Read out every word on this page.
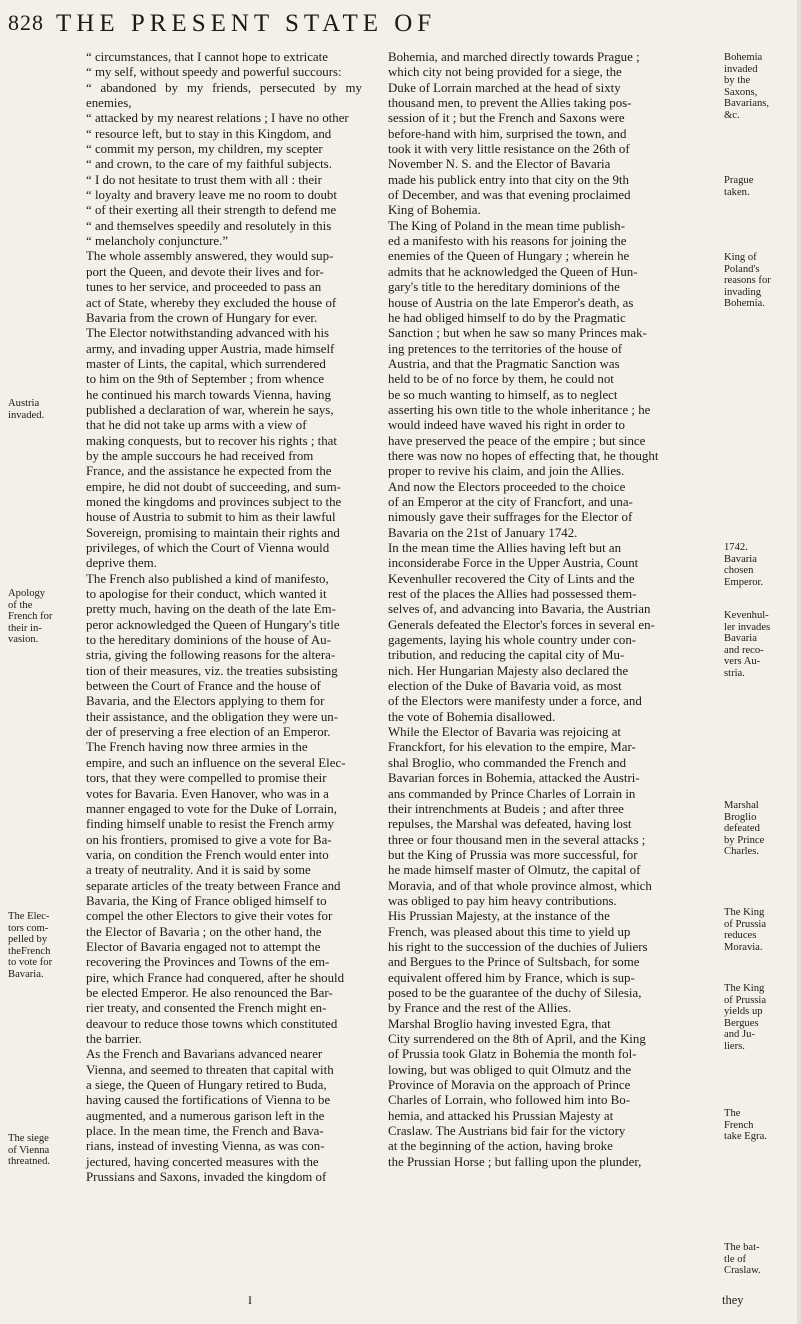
828 THE PRESENT STATE OF
“ circumstances, that I cannot hope to extricate
“ my self, without speedy and powerful succours:
“ abandoned by my friends, persecuted by my enemies,
“ attacked by my nearest relations ; I have no other
“ resource left, but to stay in this Kingdom, and
“ commit my person, my children, my scepter
“ and crown, to the care of my faithful subjects.
“ I do not hesitate to trust them with all : their
“ loyalty and bravery leave me no room to doubt
“ of their exerting all their strength to defend me
“ and themselves speedily and resolutely in this
“ melancholy conjuncture.”
The whole assembly answered, they would sup-
port the Queen, and devote their lives and for-
tunes to her service, and proceeded to pass an
act of State, whereby they excluded the house of
Bavaria from the crown of Hungary for ever.
The Elector notwithstanding advanced with his
army, and invading upper Austria, made himself
master of Lints, the capital, which surrendered
to him on the 9th of September ; from whence
he continued his march towards Vienna, having
published a declaration of war, wherein he says,
that he did not take up arms with a view of
making conquests, but to recover his rights ; that
by the ample succours he had received from
France, and the assistance he expected from the
empire, he did not doubt of succeeding, and sum-
moned the kingdoms and provinces subject to the
house of Austria to submit to him as their lawful
Sovereign, promising to maintain their rights and
privileges, of which the Court of Vienna would
deprive them.
The French also published a kind of manifesto,
to apologise for their conduct, which wanted it
pretty much, having on the death of the late Em-
peror acknowledged the Queen of Hungary's title
to the hereditary dominions of the house of Au-
stria, giving the following reasons for the altera-
tion of their measures, viz. the treaties subsisting
between the Court of France and the house of
Bavaria, and the Electors applying to them for
their assistance, and the obligation they were un-
der of preserving a free election of an Emperor.
The French having now three armies in the
empire, and such an influence on the several Elec-
tors, that they were compelled to promise their
votes for Bavaria. Even Hanover, who was in a
manner engaged to vote for the Duke of Lorrain,
finding himself unable to resist the French army
on his frontiers, promised to give a vote for Ba-
varia, on condition the French would enter into
a treaty of neutrality. And it is said by some
separate articles of the treaty between France and
Bavaria, the King of France obliged himself to
compel the other Electors to give their votes for
the Elector of Bavaria ; on the other hand, the
Elector of Bavaria engaged not to attempt the
recovering the Provinces and Towns of the em-
pire, which France had conquered, after he should
be elected Emperor. He also renounced the Bar-
rier treaty, and consented the French might en-
deavour to reduce those towns which constituted
the barrier.
As the French and Bavarians advanced nearer
Vienna, and seemed to threaten that capital with
a siege, the Queen of Hungary retired to Buda,
having caused the fortifications of Vienna to be
augmented, and a numerous garison left in the
place. In the mean time, the French and Bava-
rians, instead of investing Vienna, as was con-
jectured, having concerted measures with the
Prussians and Saxons, invaded the kingdom of
Bohemia, and marched directly towards Prague ;
which city not being provided for a siege, the
Duke of Lorrain marched at the head of sixty
thousand men, to prevent the Allies taking pos-
session of it ; but the French and Saxons were
before-hand with him, surprised the town, and
took it with very little resistance on the 26th of
November N. S. and the Elector of Bavaria
made his publick entry into that city on the 9th
of December, and was that evening proclaimed
King of Bohemia.
The King of Poland in the mean time publish-
ed a manifesto with his reasons for joining the
enemies of the Queen of Hungary ; wherein he
admits that he acknowledged the Queen of Hun-
gary's title to the hereditary dominions of the
house of Austria on the late Emperor's death, as
he had obliged himself to do by the Pragmatic
Sanction ; but when he saw so many Princes mak-
ing pretences to the territories of the house of
Austria, and that the Pragmatic Sanction was
held to be of no force by them, he could not
be so much wanting to himself, as to neglect
asserting his own title to the whole inheritance ; he
would indeed have waved his right in order to
have preserved the peace of the empire ; but since
there was now no hopes of effecting that, he thought
proper to revive his claim, and join the Allies.
And now the Electors proceeded to the choice
of an Emperor at the city of Francfort, and una-
nimously gave their suffrages for the Elector of
Bavaria on the 21st of January 1742.
In the mean time the Allies having left but an
inconsiderabe Force in the Upper Austria, Count
Kevenhuller recovered the City of Lints and the
rest of the places the Allies had possessed them-
selves of, and advancing into Bavaria, the Austrian
Generals defeated the Elector's forces in several en-
gagements, laying his whole country under con-
tribution, and reducing the capital city of Mu-
nich. Her Hungarian Majesty also declared the
election of the Duke of Bavaria void, as most
of the Electors were manifesty under a force, and
the vote of Bohemia disallowed.
While the Elector of Bavaria was rejoicing at
Franckfort, for his elevation to the empire, Mar-
shal Broglio, who commanded the French and
Bavarian forces in Bohemia, attacked the Austri-
ans commanded by Prince Charles of Lorrain in
their intrenchments at Budeis ; and after three
repulses, the Marshal was defeated, having lost
three or four thousand men in the several attacks ;
but the King of Prussia was more successful, for
he made himself master of Olmutz, the capital of
Moravia, and of that whole province almost, which
was obliged to pay him heavy contributions.
His Prussian Majesty, at the instance of the
French, was pleased about this time to yield up
his right to the succession of the duchies of Juliers
and Bergues to the Prince of Sultsbach, for some
equivalent offered him by France, which is sup-
posed to be the guarantee of the duchy of Silesia,
by France and the rest of the Allies.
Marshal Broglio having invested Egra, that
City surrendered on the 8th of April, and the King
of Prussia took Glatz in Bohemia the month fol-
lowing, but was obliged to quit Olmutz and the
Province of Moravia on the approach of Prince
Charles of Lorrain, who followed him into Bo-
hemia, and attacked his Prussian Majesty at
Craslaw. The Austrians bid fair for the victory
at the beginning of the action, having broke
the Prussian Horse ; but falling upon the plunder,
Austria
invaded.
Apology
of the
French for
their in-
vasion.
The Elec-
tors com-
pelled by
theFrench
to vote for
Bavaria.
The siege
of Vienna
threatned.
Bohemia
invaded
by the
Saxons,
Bavarians,
&c.
Prague
taken.
King of
Poland's
reasons for
invading
Bohemia.
1742.
Bavaria
chosen
Emperor.
Kevenhul-
ler invades
Bavaria
and reco-
vers Au-
stria.
Marshal
Broglio
defeated
by Prince
Charles.
The King
of Prussia
reduces
Moravia.
The King
of Prussia
yields up
Bergues
and Ju-
liers.
The
French
take Egra.
The bat-
tle of
Craslaw.
I	they
